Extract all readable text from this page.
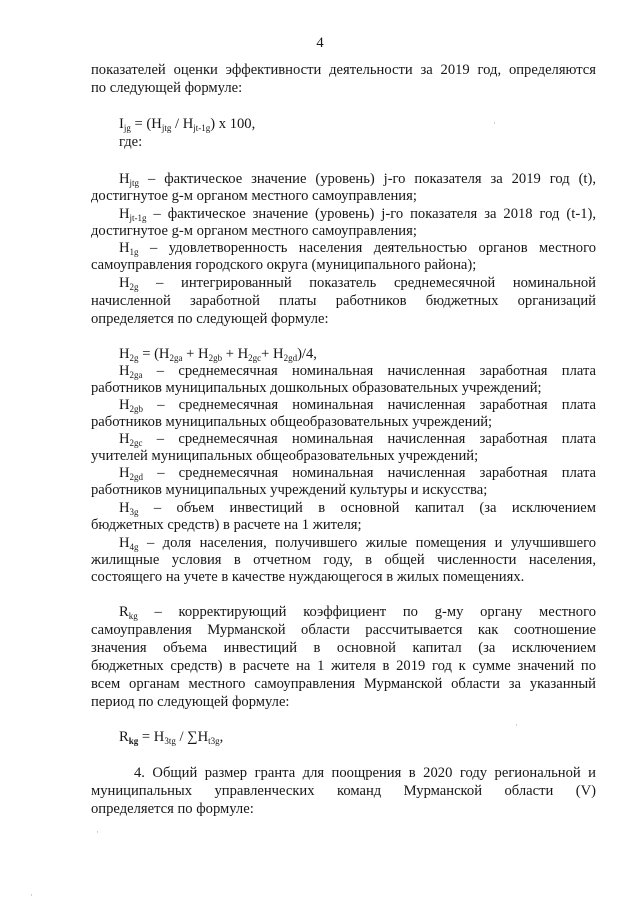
4
показателей оценки эффективности деятельности за 2019 год, определяются
по следующей формуле:
$I_{jg} = (H_{jtg} / H_{jt-1g})$ x 100,
где:
$H_{jtg}$ – фактическое значение (уровень) j-го показателя за 2019 год (t),
достигнутое g-м органом местного самоуправления;
$H_{jt-1g}$ – фактическое значение (уровень) j-го показателя за 2018 год (t-1),
достигнутое g-м органом местного самоуправления;
$H_{1g}$ – удовлетворенность населения деятельностью органов местного
самоуправления городского округа (муниципального района);
$H_{2g}$ – интегрированный показатель среднемесячной номинальной
начисленной заработной платы работников бюджетных организаций
определяется по следующей формуле:
$H_{2g} = (H_{2ga} + H_{2gb} + H_{2gc}+ H_{2gd})/4$,
$H_{2ga}$ – среднемесячная номинальная начисленная заработная плата
работников муниципальных дошкольных образовательных учреждений;
$H_{2gb}$ – среднемесячная номинальная начисленная заработная плата
работников муниципальных общеобразовательных учреждений;
$H_{2gc}$ – среднемесячная номинальная начисленная заработная плата
учителей муниципальных общеобразовательных учреждений;
$H_{2gd}$ – среднемесячная номинальная начисленная заработная плата
работников муниципальных учреждений культуры и искусства;
$H_{3g}$ – объем инвестиций в основной капитал (за исключением
бюджетных средств) в расчете на 1 жителя;
$H_{4g}$ – доля населения, получившего жилые помещения и улучшившего
жилищные условия в отчетном году, в общей численности населения,
состоящего на учете в качестве нуждающегося в жилых помещениях.
$R_{kg}$ – корректирующий коэффициент по g-му органу местного
самоуправления Мурманской области рассчитывается как соотношение
значения объема инвестиций в основной капитал (за исключением
бюджетных средств) в расчете на 1 жителя в 2019 год к сумме значений по
всем органам местного самоуправления Мурманской области за указанный
период по следующей формуле:
$R_{kg} = H_{3tg} / \sum H_{t3g}$,
4. Общий размер гранта для поощрения в 2020 году региональной и
муниципальных управленческих команд Мурманской области (V)
определяется по формуле:
·
·
·
·
